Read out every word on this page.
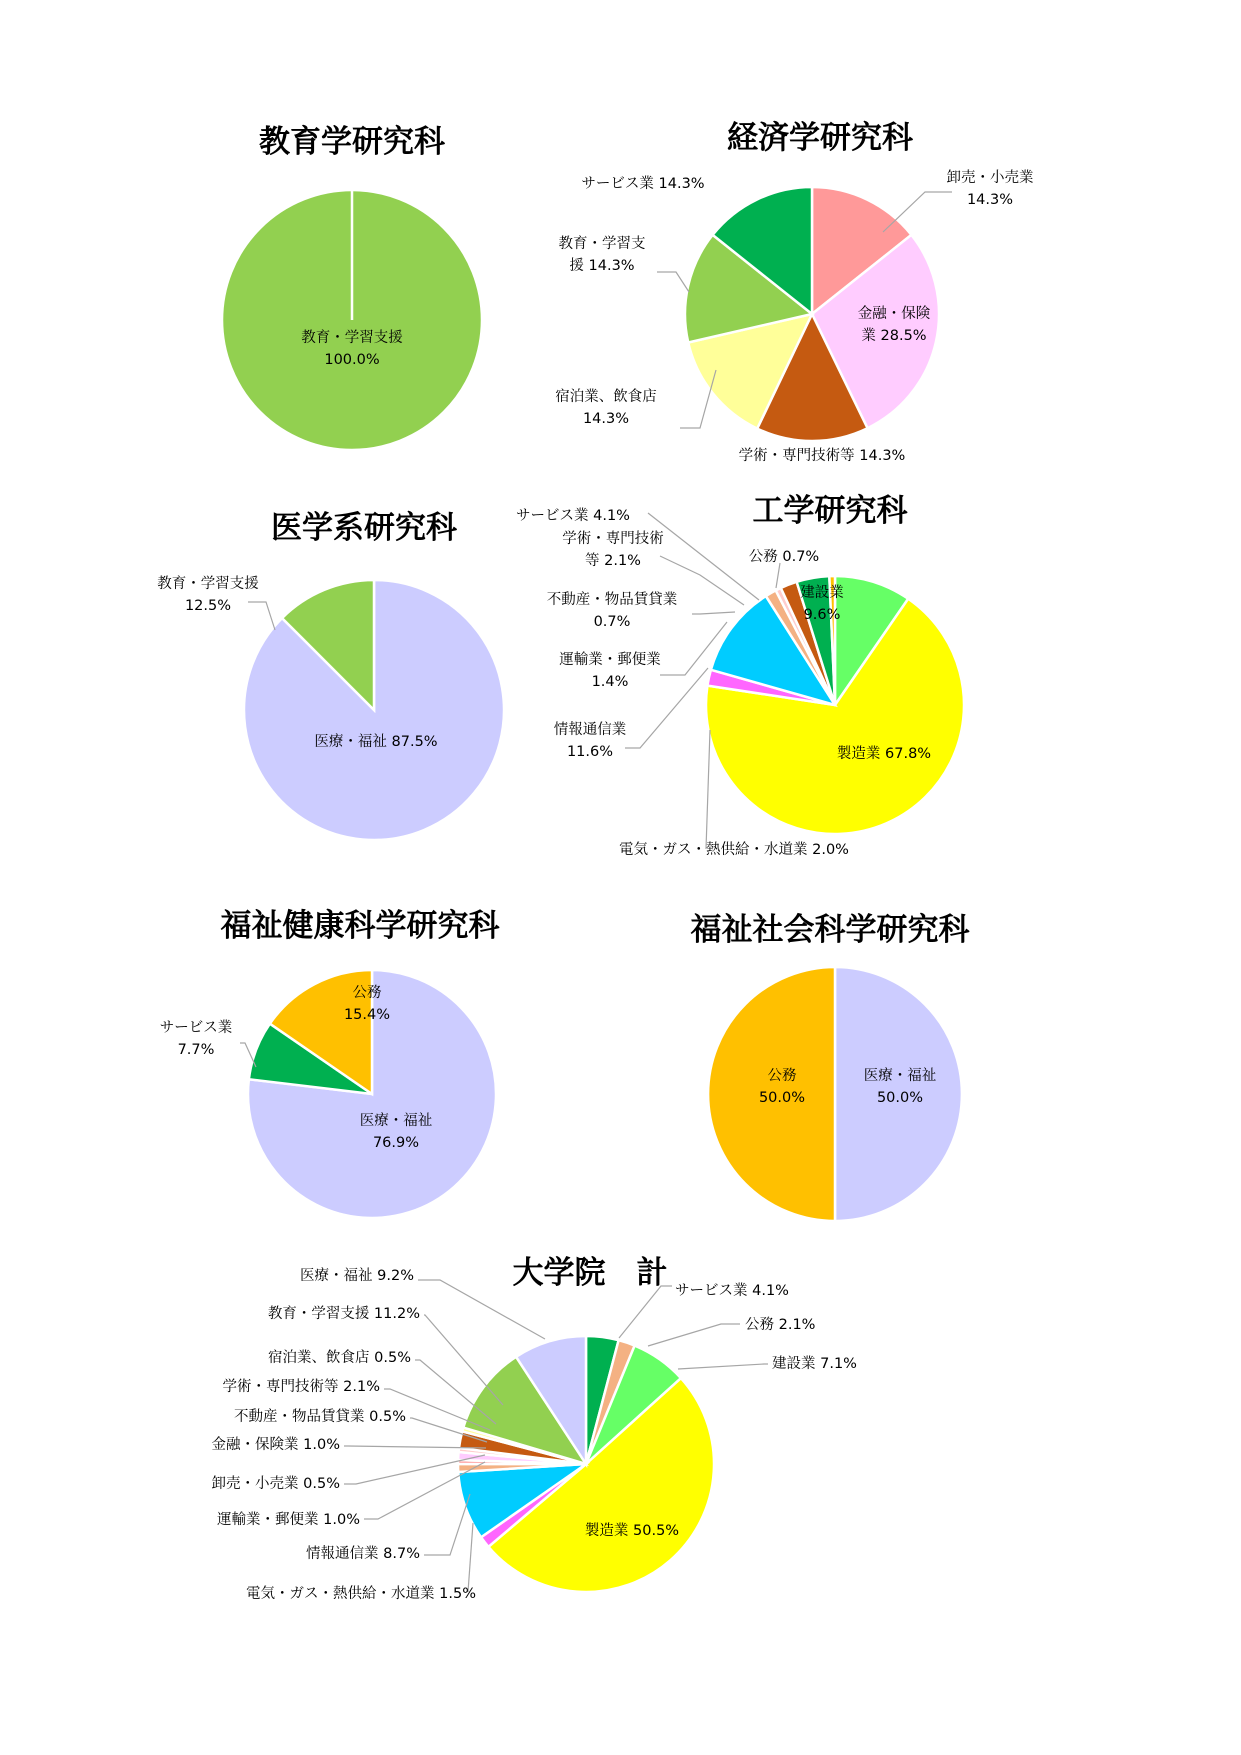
教育学研究科
教育・学習支援
100.0%
経済学研究科
卸売・小売業
14.3%
金融・保険
業 28.5%
学術・専門技術等 14.3%
宿泊業、飲食店
14.3%
教育・学習支
援 14.3%
サービス業 14.3%
医学系研究科
医療・福祉 87.5%
教育・学習支援
12.5%
工学研究科
建設業
9.6%
製造業 67.8%
電気・ガス・熱供給・水道業 2.0%
情報通信業
11.6%
運輸業・郵便業
1.4%
不動産・物品賃貸業
0.7%
学術・専門技術
等 2.1%
サービス業 4.1%
公務 0.7%
福祉健康科学研究科
医療・福祉
76.9%
サービス業
7.7%
公務
15.4%
福祉社会科学研究科
医療・福祉
50.0%
公務
50.0%
大学院　計 サービス業 4.1%
公務 2.1%
建設業 7.1%
製造業 50.5%
電気・ガス・熱供給・水道業 1.5%
情報通信業 8.7%
運輸業・郵便業 1.0%
卸売・小売業 0.5%
金融・保険業 1.0%
不動産・物品賃貸業 0.5%
学術・専門技術等 2.1%
宿泊業、飲食店 0.5%
教育・学習支援 11.2%
医療・福祉 9.2%
